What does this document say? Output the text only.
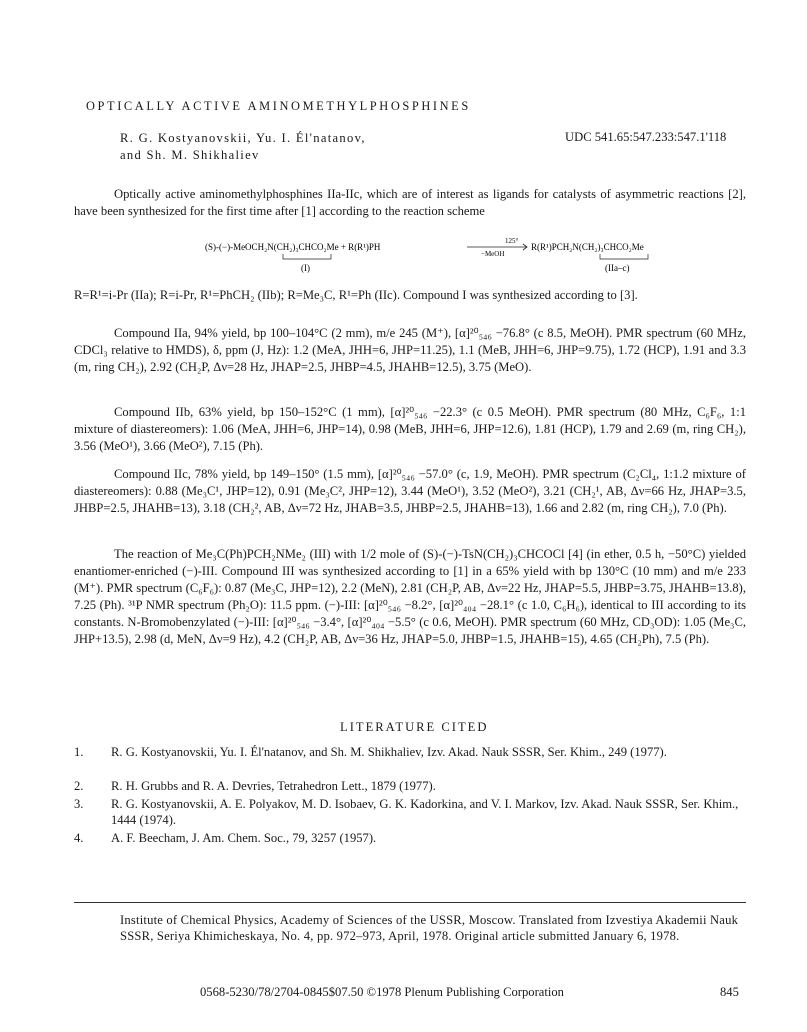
OPTICALLY ACTIVE AMINOMETHYLPHOSPHINES
R. G. Kostyanovskii, Yu. I. Él'natanov,
and Sh. M. Shikhaliev
UDC 541.65:547.233:547.1'118

Optically active aminomethylphosphines IIa-IIc, which are of interest as ligands for catalysts of asymmetric reactions [2], have been synthesized for the first time after [1] according to the reaction scheme

(S)-(−)-MeOCH₂N(CH₂)₃CHCO₂Me + R(R¹)PH
125°
−MeOH
R(R¹)PCH₂N(CH₂)₃CHCO₂Me
(I)	(IIa–c)

R=R¹=i-Pr (IIa); R=i-Pr, R¹=PhCH₂ (IIb); R=Me₃C, R¹=Ph (IIc). Compound I was synthesized according to [3].

Compound IIa, 94% yield, bp 100–104°C (2 mm), m/e 245 (M⁺), [α]²⁰₅₄₆ −76.8° (c 8.5, MeOH). PMR spectrum (60 MHz, CDCl₃ relative to HMDS), δ, ppm (J, Hz): 1.2 (MeA, JHH=6, JHP=11.25), 1.1 (MeB, JHH=6, JHP=9.75), 1.72 (HCP), 1.91 and 3.3 (m, ring CH₂), 2.92 (CH₂P, Δν=28 Hz, JHAP=2.5, JHBP=4.5, JHAHB=12.5), 3.75 (MeO).

Compound IIb, 63% yield, bp 150–152°C (1 mm), [α]²⁰₅₄₆ −22.3° (c 0.5 MeOH). PMR spectrum (80 MHz, C₆F₆, 1:1 mixture of diastereomers): 1.06 (MeA, JHH=6, JHP=14), 0.98 (MeB, JHH=6, JHP=12.6), 1.81 (HCP), 1.79 and 2.69 (m, ring CH₂), 3.56 (MeO¹), 3.66 (MeO²), 7.15 (Ph).

Compound IIc, 78% yield, bp 149–150° (1.5 mm), [α]²⁰₅₄₆ −57.0° (c, 1.9, MeOH). PMR spectrum (C₂Cl₄, 1:1.2 mixture of diastereomers): 0.88 (Me₃C¹, JHP=12), 0.91 (Me₃C², JHP=12), 3.44 (MeO¹), 3.52 (MeO²), 3.21 (CH₂¹, AB, Δν=66 Hz, JHAP=3.5, JHBP=2.5, JHAHB=13), 3.18 (CH₂², AB, Δν=72 Hz, JHAB=3.5, JHBP=2.5, JHAHB=13), 1.66 and 2.82 (m, ring CH₂), 7.0 (Ph).

The reaction of Me₃C(Ph)PCH₂NMe₂ (III) with 1/2 mole of (S)-(−)-TsN(CH₂)₃CHCOCl [4] (in ether, 0.5 h, −50°C) yielded enantiomer-enriched (−)-III. Compound III was synthesized according to [1] in a 65% yield with bp 130°C (10 mm) and m/e 233 (M⁺). PMR spectrum (C₆F₆): 0.87 (Me₃C, JHP=12), 2.2 (MeN), 2.81 (CH₂P, AB, Δν=22 Hz, JHAP=5.5, JHBP=3.75, JHAHB=13.8), 7.25 (Ph). ³¹P NMR spectrum (Ph₂O): 11.5 ppm. (−)-III: [α]²⁰₅₄₆ −8.2°, [α]²⁰₄₀₄ −28.1° (c 1.0, C₆H₆), identical to III according to its constants. N-Bromobenzylated (−)-III: [α]²⁰₅₄₆ −3.4°, [α]²⁰₄₀₄ −5.5° (c 0.6, MeOH). PMR spectrum (60 MHz, CD₃OD): 1.05 (Me₃C, JHP+13.5), 2.98 (d, MeN, Δν=9 Hz), 4.2 (CH₂P, AB, Δν=36 Hz, JHAP=5.0, JHBP=1.5, JHAHB=15), 4.65 (CH₂Ph), 7.5 (Ph).

LITERATURE CITED
1. R. G. Kostyanovskii, Yu. I. Él'natanov, and Sh. M. Shikhaliev, Izv. Akad. Nauk SSSR, Ser. Khim., 249 (1977).
2. R. H. Grubbs and R. A. Devries, Tetrahedron Lett., 1879 (1977).
3. R. G. Kostyanovskii, A. E. Polyakov, M. D. Isobaev, G. K. Kadorkina, and V. I. Markov, Izv. Akad. Nauk SSSR, Ser. Khim., 1444 (1974).
4. A. F. Beecham, J. Am. Chem. Soc., 79, 3257 (1957).
Institute of Chemical Physics, Academy of Sciences of the USSR, Moscow. Translated from Izvestiya Akademii Nauk SSSR, Seriya Khimicheskaya, No. 4, pp. 972–973, April, 1978. Original article submitted January 6, 1978.
0568-5230/78/2704-0845$07.50 ©1978 Plenum Publishing Corporation	845
